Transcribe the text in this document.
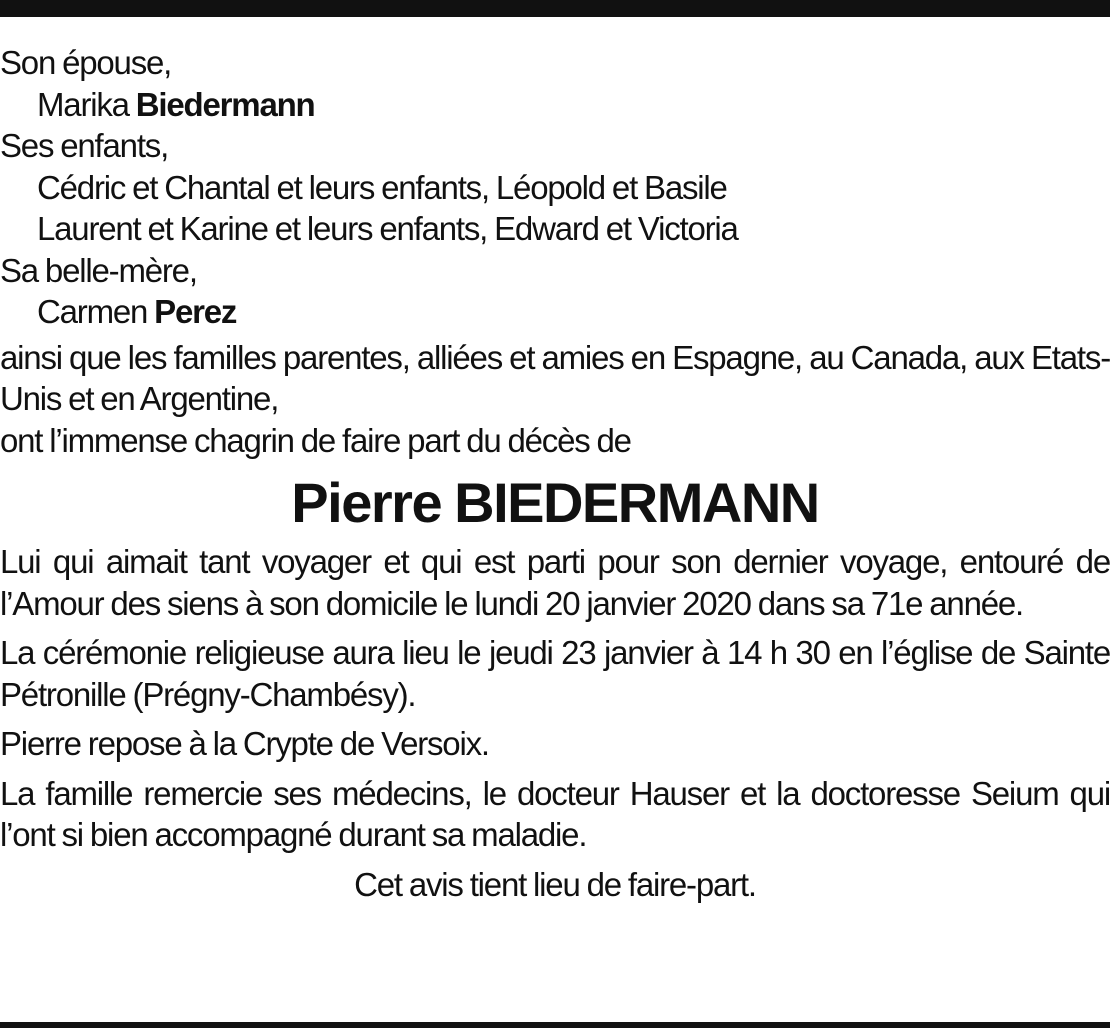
Son épouse,
Marika Biedermann
Ses enfants,
Cédric et Chantal et leurs enfants, Léopold et Basile
Laurent et Karine et leurs enfants, Edward et Victoria
Sa belle-mère,
Carmen Perez
ainsi que les familles parentes, alliées et amies en Espagne, au Canada, aux Etats-Unis et en Argentine,
ont l’immense chagrin de faire part du décès de
Pierre BIEDERMANN
Lui qui aimait tant voyager et qui est parti pour son dernier voyage, entouré de l’Amour des siens à son domicile le lundi 20 janvier 2020 dans sa 71e année.
La cérémonie religieuse aura lieu le jeudi 23 janvier à 14 h 30 en l’église de Sainte Pétronille (Prégny-Chambésy).
Pierre repose à la Crypte de Versoix.
La famille remercie ses médecins, le docteur Hauser et la doctoresse Seium qui l’ont si bien accompagné durant sa maladie.
Cet avis tient lieu de faire-part.
